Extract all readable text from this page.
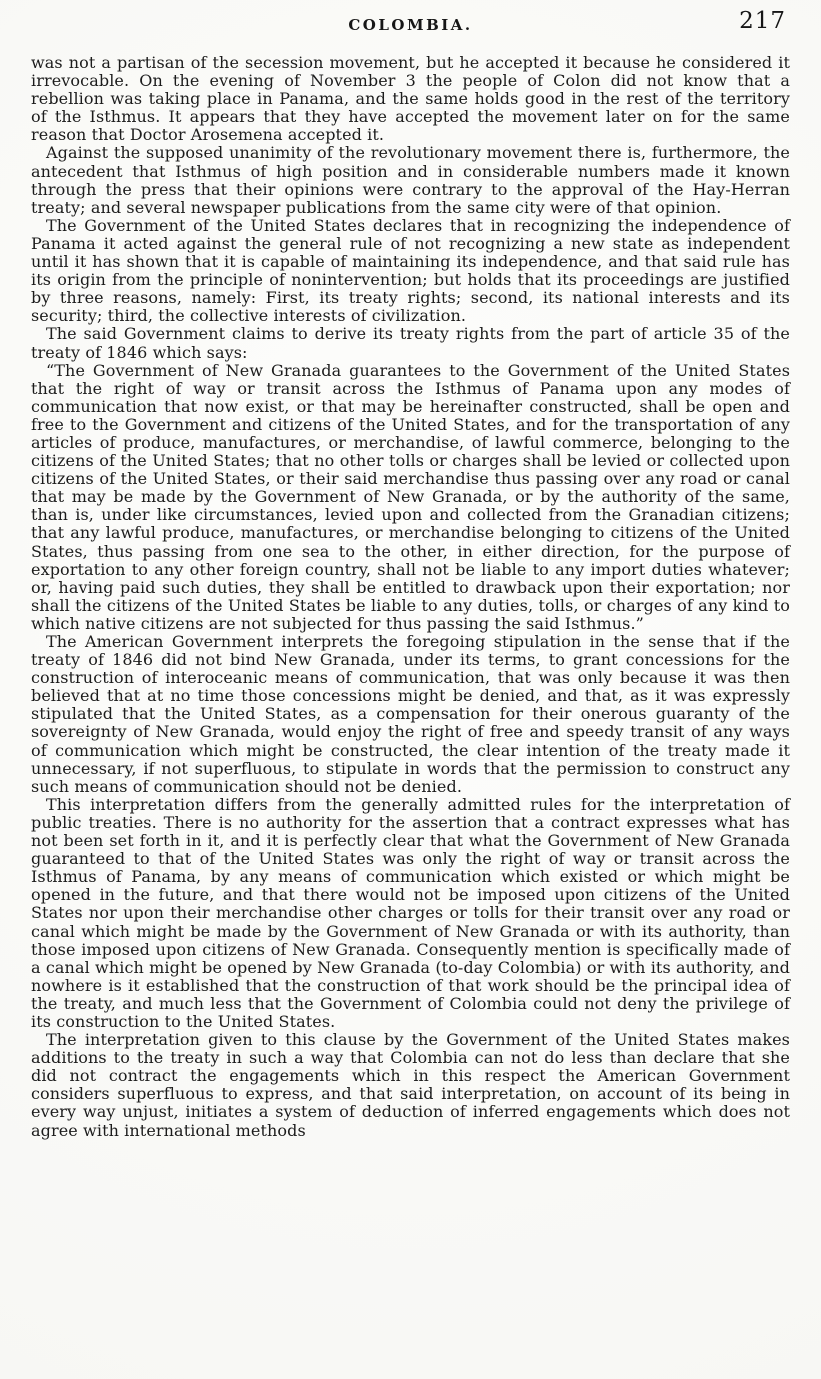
COLOMBIA.	217

was not a partisan of the secession movement, but he accepted it because he considered it irrevocable. On the evening of November 3 the people of Colon did not know that a rebellion was taking place in Panama, and the same holds good in the rest of the territory of the Isthmus. It appears that they have accepted the movement later on for the same reason that Doctor Arosemena accepted it.

Against the supposed unanimity of the revolutionary movement there is, furthermore, the antecedent that Isthmus of high position and in considerable numbers made it known through the press that their opinions were contrary to the approval of the Hay-Herran treaty; and several newspaper publications from the same city were of that opinion.

The Government of the United States declares that in recognizing the independence of Panama it acted against the general rule of not recognizing a new state as independent until it has shown that it is capable of maintaining its independence, and that said rule has its origin from the principle of nonintervention; but holds that its proceedings are justified by three reasons, namely: First, its treaty rights; second, its national interests and its security; third, the collective interests of civilization.

The said Government claims to derive its treaty rights from the part of article 35 of the treaty of 1846 which says:

“The Government of New Granada guarantees to the Government of the United States that the right of way or transit across the Isthmus of Panama upon any modes of communication that now exist, or that may be hereinafter constructed, shall be open and free to the Government and citizens of the United States, and for the transportation of any articles of produce, manufactures, or merchandise, of lawful commerce, belonging to the citizens of the United States; that no other tolls or charges shall be levied or collected upon citizens of the United States, or their said merchandise thus passing over any road or canal that may be made by the Government of New Granada, or by the authority of the same, than is, under like circumstances, levied upon and collected from the Granadian citizens; that any lawful produce, manufactures, or merchandise belonging to citizens of the United States, thus passing from one sea to the other, in either direction, for the purpose of exportation to any other foreign country, shall not be liable to any import duties whatever; or, having paid such duties, they shall be entitled to drawback upon their exportation; nor shall the citizens of the United States be liable to any duties, tolls, or charges of any kind to which native citizens are not subjected for thus passing the said Isthmus.”

The American Government interprets the foregoing stipulation in the sense that if the treaty of 1846 did not bind New Granada, under its terms, to grant concessions for the construction of interoceanic means of communication, that was only because it was then believed that at no time those concessions might be denied, and that, as it was expressly stipulated that the United States, as a compensation for their onerous guaranty of the sovereignty of New Granada, would enjoy the right of free and speedy transit of any ways of communication which might be constructed, the clear intention of the treaty made it unnecessary, if not superfluous, to stipulate in words that the permission to construct any such means of communication should not be denied.

This interpretation differs from the generally admitted rules for the interpretation of public treaties. There is no authority for the assertion that a contract expresses what has not been set forth in it, and it is perfectly clear that what the Government of New Granada guaranteed to that of the United States was only the right of way or transit across the Isthmus of Panama, by any means of communication which existed or which might be opened in the future, and that there would not be imposed upon citizens of the United States nor upon their merchandise other charges or tolls for their transit over any road or canal which might be made by the Government of New Granada or with its authority, than those imposed upon citizens of New Granada. Consequently mention is specifically made of a canal which might be opened by New Granada (to-day Colombia) or with its authority, and nowhere is it established that the construction of that work should be the principal idea of the treaty, and much less that the Government of Colombia could not deny the privilege of its construction to the United States.

The interpretation given to this clause by the Government of the United States makes additions to the treaty in such a way that Colombia can not do less than declare that she did not contract the engagements which in this respect the American Government considers superfluous to express, and that said interpretation, on account of its being in every way unjust, initiates a system of deduction of inferred engagements which does not agree with international methods
